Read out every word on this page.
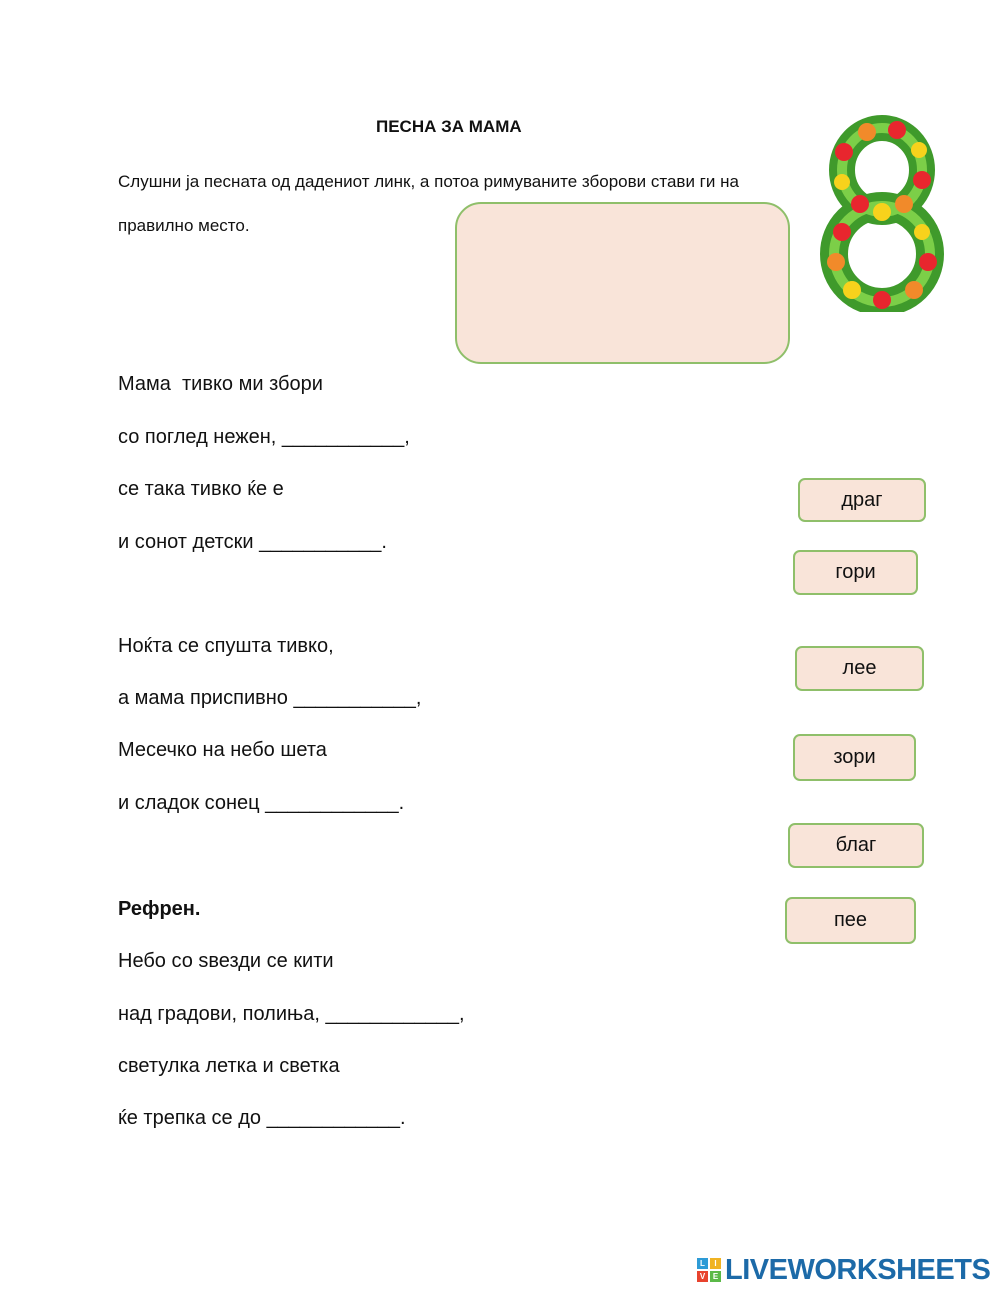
ПЕСНА ЗА МАМА
Слушни ја песната од дадениот линк, а потоа римуваните зборови стави ги на правилно место.
Мама  тивко ми збори
со поглед нежен, ___________,
се така тивко ќе е
и сонот детски ___________.
Ноќта се спушта тивко,
а мама приспивно ___________,
Месечко на небо шета
и сладок сонец ____________.
Рефрен.
Небо со ѕвезди се кити
над градови, полиња, ____________,
светулка летка и светка
ќе трепка се до ____________.
драг
гори
лее
зори
благ
пее
L	I
V E LIVEWORKSHEETS
